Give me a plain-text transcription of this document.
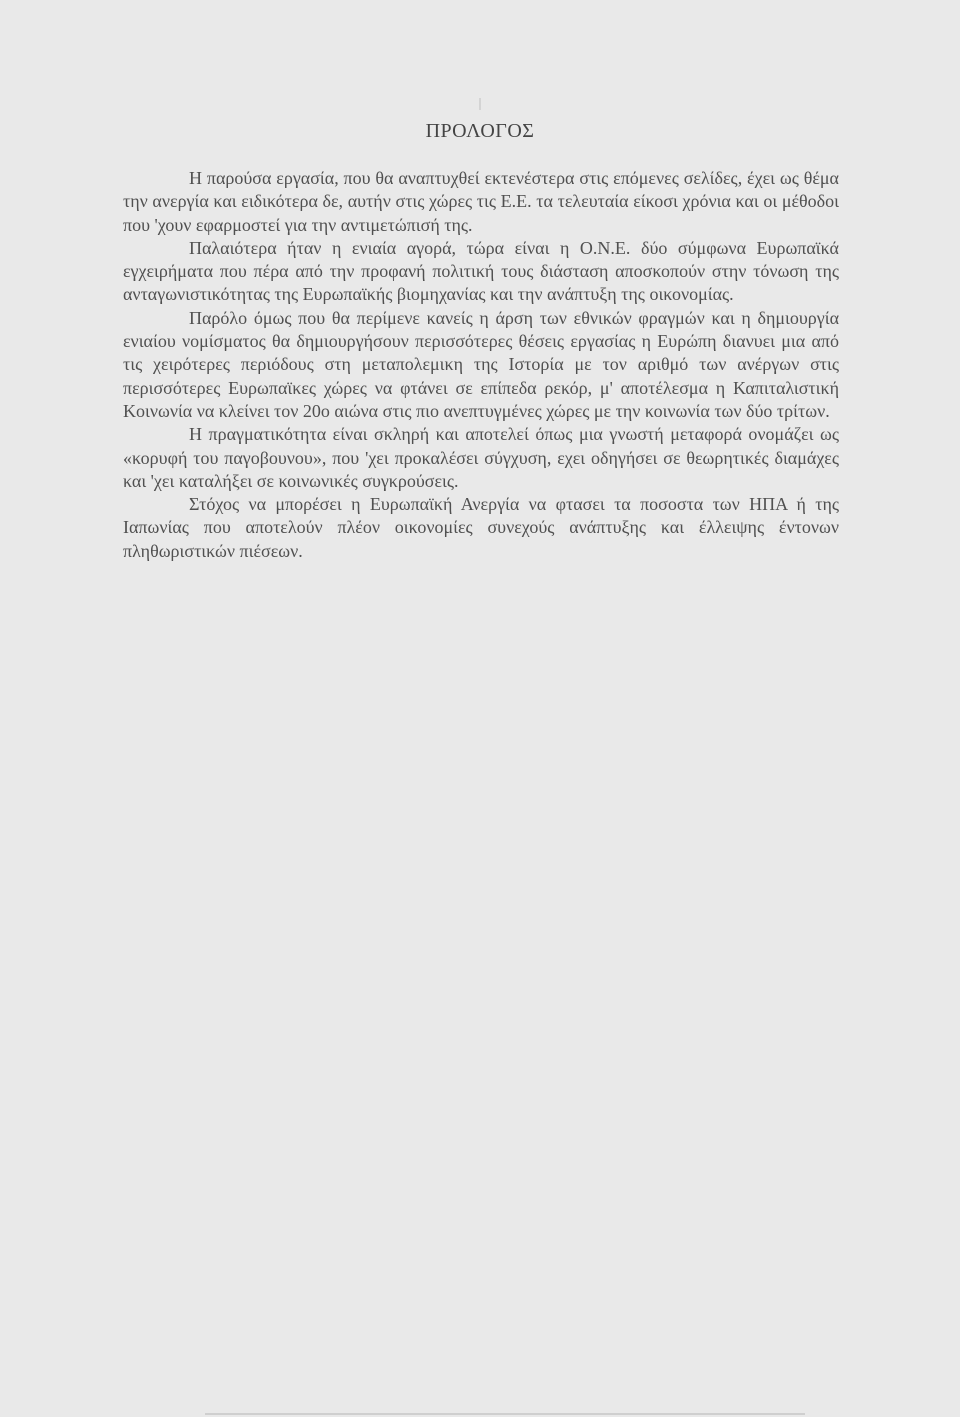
ΠΡΟΛΟΓΟΣ

Η παρούσα εργασία, που θα αναπτυχθεί εκτενέστερα στις επόμενες σελίδες, έχει ως θέμα την ανεργία και ειδικότερα δε, αυτήν στις χώρες τις Ε.Ε. τα τελευταία είκοσι χρόνια και οι μέθοδοι που 'χουν εφαρμοστεί για την αντιμετώπισή της.

Παλαιότερα ήταν η ενιαία αγορά, τώρα είναι η Ο.Ν.Ε. δύο σύμφωνα Ευρωπαϊκά εγχειρήματα που πέρα από την προφανή πολιτική τους διάσταση αποσκοπούν στην τόνωση της ανταγωνιστικότητας της Ευρωπαϊκής βιομηχανίας και την ανάπτυξη της οικονομίας.

Παρόλο όμως που θα περίμενε κανείς η άρση των εθνικών φραγμών και η δημιουργία ενιαίου νομίσματος θα δημιουργήσουν περισσότερες θέσεις εργασίας η Ευρώπη διανυει μια από τις χειρότερες περιόδους στη μεταπολεμικη της Ιστορία με τον αριθμό των ανέργων στις περισσότερες Ευρωπαϊκες χώρες να φτάνει σε επίπεδα ρεκόρ, μ' αποτέλεσμα η Καπιταλιστική Κοινωνία να κλείνει τον 20ο αιώνα στις πιο ανεπτυγμένες χώρες με την κοινωνία των δύο τρίτων.

Η πραγματικότητα είναι σκληρή και αποτελεί όπως μια γνωστή μεταφορά ονομάζει ως «κορυφή του παγοβουνου», που 'χει προκαλέσει σύγχυση, εχει οδηγήσει σε θεωρητικές διαμάχες και 'χει καταλήξει σε κοινωνικές συγκρούσεις.

Στόχος να μπορέσει η Ευρωπαϊκή Ανεργία να φτασει τα ποσοστα των ΗΠΑ ή της Ιαπωνίας που αποτελούν πλέον οικονομίες συνεχούς ανάπτυξης και έλλειψης έντονων πληθωριστικών πιέσεων.
